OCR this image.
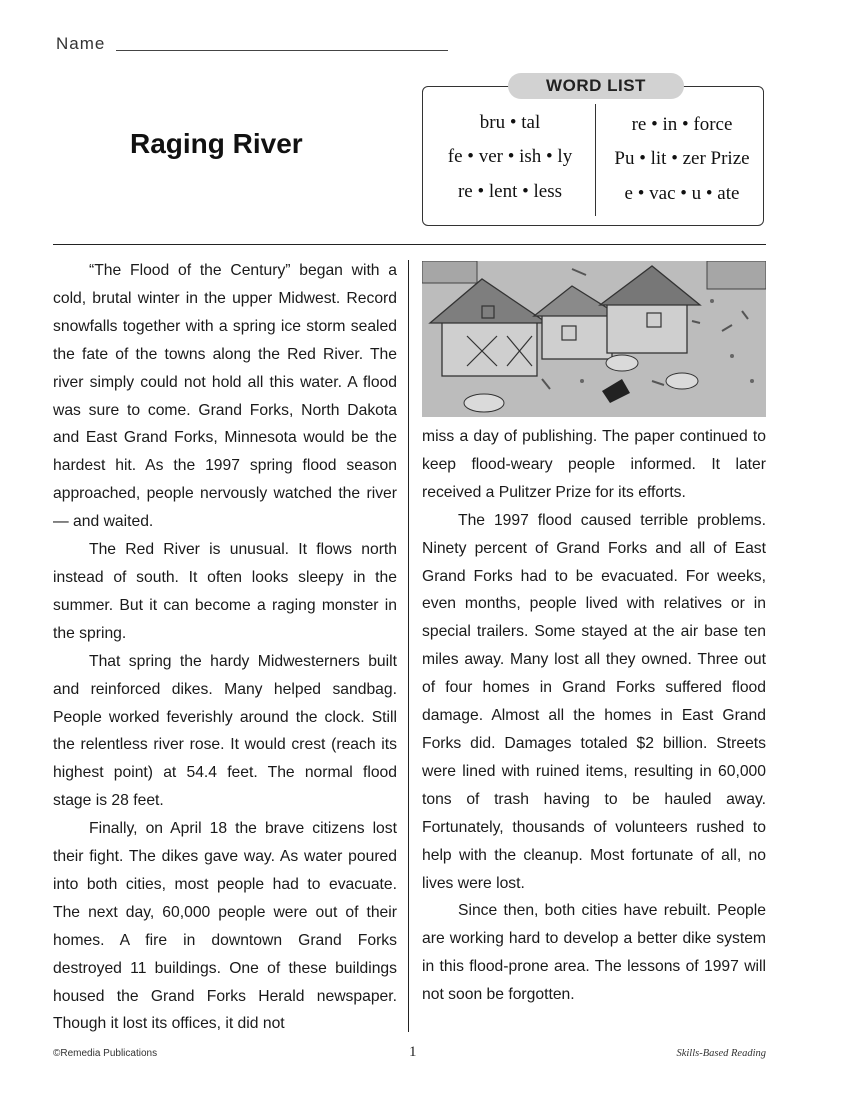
Name
Raging River
WORD LIST
bru • tal
fe • ver • ish • ly
re • lent • less
re • in • force
Pu • lit • zer Prize
e • vac • u • ate

“The Flood of the Century” began with a cold, brutal winter in the upper Midwest. Record snowfalls together with a spring ice storm sealed the fate of the towns along the Red River. The river simply could not hold all this water. A flood was sure to come. Grand Forks, North Dakota and East Grand Forks, Minnesota would be the hardest hit. As the 1997 spring flood season approached, people nervously watched the river — and waited.

The Red River is unusual. It flows north instead of south. It often looks sleepy in the summer. But it can become a raging monster in the spring.

That spring the hardy Midwesterners built and reinforced dikes. Many helped sandbag. People worked feverishly around the clock. Still the relentless river rose. It would crest (reach its highest point) at 54.4 feet. The normal flood stage is 28 feet.

Finally, on April 18 the brave citizens lost their fight. The dikes gave way. As water poured into both cities, most people had to evacuate. The next day, 60,000 people were out of their homes. A fire in downtown Grand Forks destroyed 11 buildings. One of these buildings housed the Grand Forks Herald newspaper. Though it lost its offices, it did not

miss a day of publishing. The paper continued to keep flood-weary people informed. It later received a Pulitzer Prize for its efforts.

The 1997 flood caused terrible problems. Ninety percent of Grand Forks and all of East Grand Forks had to be evacuated. For weeks, even months, people lived with relatives or in special trailers. Some stayed at the air base ten miles away. Many lost all they owned. Three out of four homes in Grand Forks suffered flood damage. Almost all the homes in East Grand Forks did. Damages totaled $2 billion. Streets were lined with ruined items, resulting in 60,000 tons of trash having to be hauled away. Fortunately, thousands of volunteers rushed to help with the cleanup. Most fortunate of all, no lives were lost.

Since then, both cities have rebuilt. People are working hard to develop a better dike system in this flood-prone area. The lessons of 1997 will not soon be forgotten.

©Remedia Publications	1	Skills-Based Reading
